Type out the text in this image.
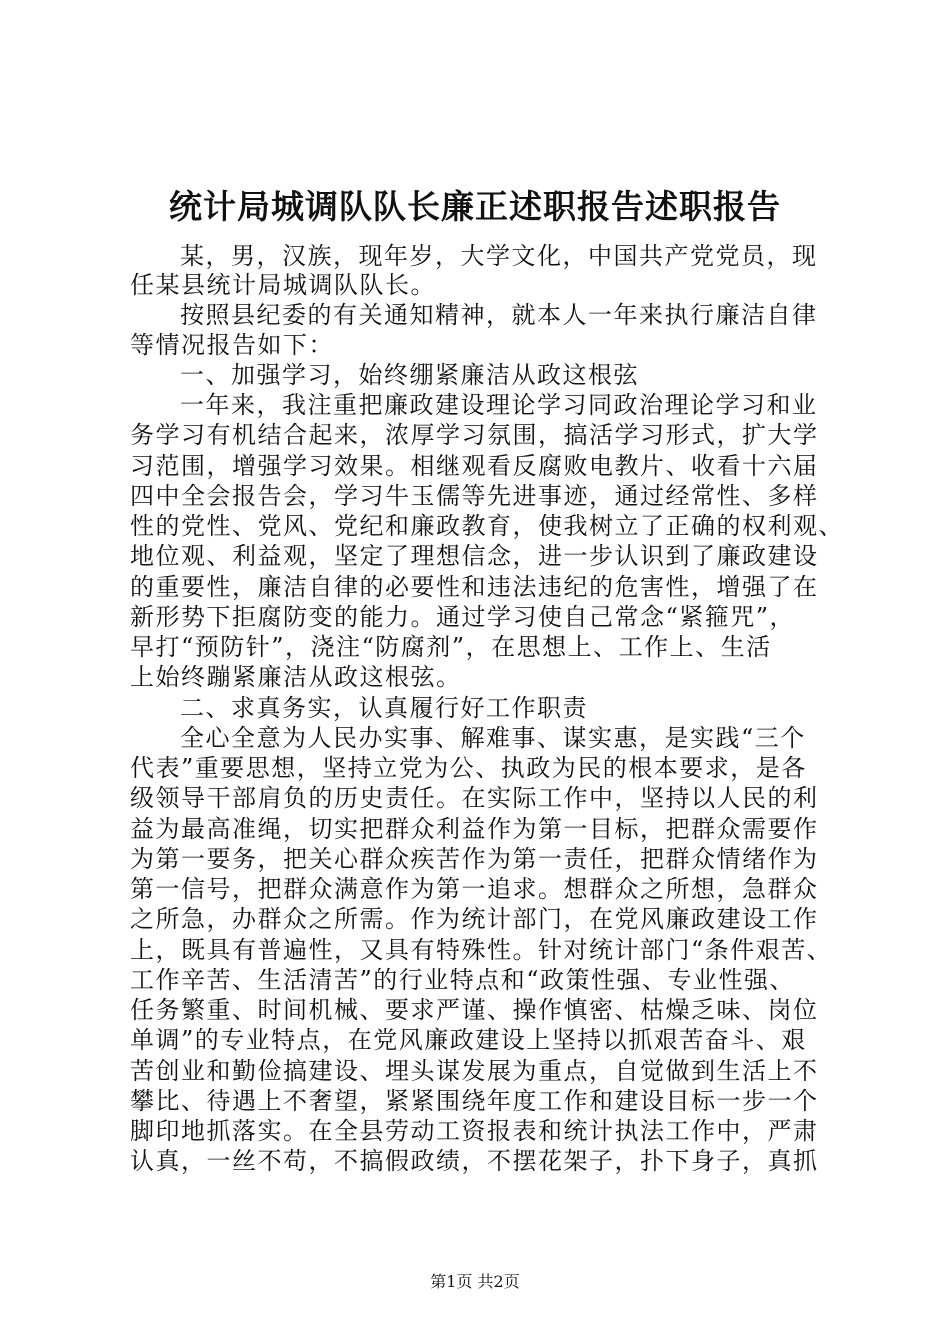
统计局城调队队长廉正述职报告述职报告
某，男，汉族，现年岁，大学文化，中国共产党党员，现
任某县统计局城调队队长。
按照县纪委的有关通知精神，就本人一年来执行廉洁自律
等情况报告如下：
一、加强学习，始终绷紧廉洁从政这根弦
一年来，我注重把廉政建设理论学习同政治理论学习和业
务学习有机结合起来，浓厚学习氛围，搞活学习形式，扩大学
习范围，增强学习效果。相继观看反腐败电教片、收看十六届
四中全会报告会，学习牛玉儒等先进事迹，通过经常性、多样
性的党性、党风、党纪和廉政教育，使我树立了正确的权利观、
地位观、利益观，坚定了理想信念，进一步认识到了廉政建设
的重要性，廉洁自律的必要性和违法违纪的危害性，增强了在
新形势下拒腐防变的能力。通过学习使自己常念“紧箍咒”，
早打“预防针”，浇注“防腐剂”，在思想上、工作上、生活
上始终蹦紧廉洁从政这根弦。
二、求真务实，认真履行好工作职责
全心全意为人民办实事、解难事、谋实惠，是实践“三个
代表”重要思想，坚持立党为公、执政为民的根本要求，是各
级领导干部肩负的历史责任。在实际工作中，坚持以人民的利
益为最高准绳，切实把群众利益作为第一目标，把群众需要作
为第一要务，把关心群众疾苦作为第一责任，把群众情绪作为
第一信号，把群众满意作为第一追求。想群众之所想，急群众
之所急，办群众之所需。作为统计部门，在党风廉政建设工作
上，既具有普遍性，又具有特殊性。针对统计部门“条件艰苦、
工作辛苦、生活清苦”的行业特点和“政策性强、专业性强、
任务繁重、时间机械、要求严谨、操作慎密、枯燥乏味、岗位
单调”的专业特点，在党风廉政建设上坚持以抓艰苦奋斗、艰
苦创业和勤俭搞建设、埋头谋发展为重点，自觉做到生活上不
攀比、待遇上不奢望，紧紧围绕年度工作和建设目标一步一个
脚印地抓落实。在全县劳动工资报表和统计执法工作中，严肃
认真，一丝不苟，不搞假政绩，不摆花架子，扑下身子，真抓
第1页 共2页
